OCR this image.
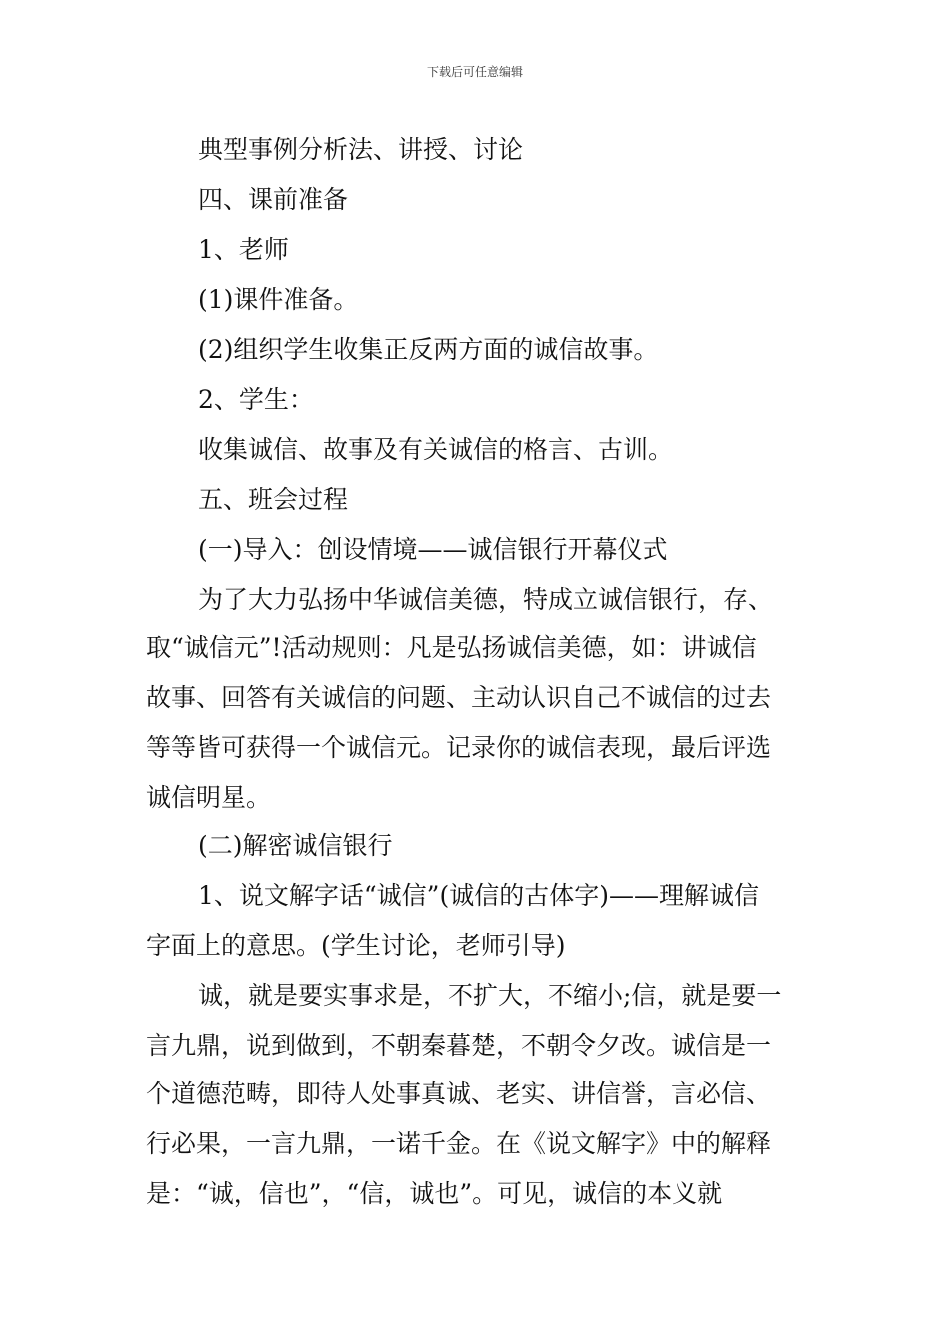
下载后可任意编辑
典型事例分析法、讲授、讨论
四、课前准备
1、老师
(1)课件准备。
(2)组织学生收集正反两方面的诚信故事。
2、学生：
收集诚信、故事及有关诚信的格言、古训。
五、班会过程
(一)导入：创设情境——诚信银行开幕仪式
为了大力弘扬中华诚信美德，特成立诚信银行，存、
取“诚信元”!活动规则：凡是弘扬诚信美德，如：讲诚信
故事、回答有关诚信的问题、主动认识自己不诚信的过去
等等皆可获得一个诚信元。记录你的诚信表现，最后评选
诚信明星。
(二)解密诚信银行
1、说文解字话“诚信”(诚信的古体字)——理解诚信
字面上的意思。(学生讨论，老师引导)
诚，就是要实事求是，不扩大，不缩小;信，就是要一
言九鼎，说到做到，不朝秦暮楚，不朝令夕改。诚信是一
个道德范畴，即待人处事真诚、老实、讲信誉，言必信、
行必果，一言九鼎，一诺千金。在《说文解字》中的解释
是：“诚，信也”，“信，诚也”。可见，诚信的本义就
